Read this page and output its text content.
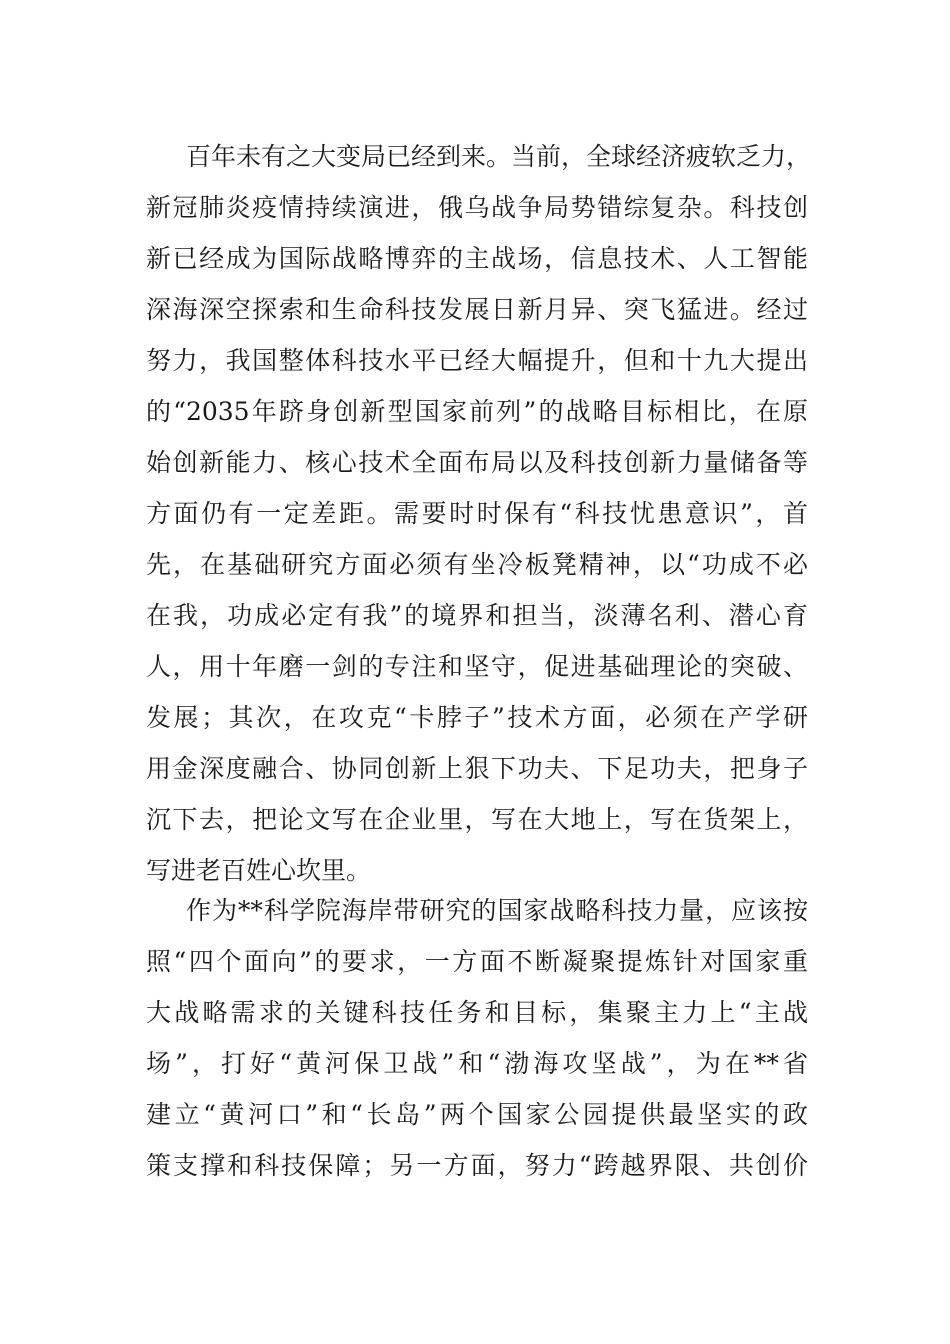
百年未有之大变局已经到来。当前，全球经济疲软乏力，
新冠肺炎疫情持续演进，俄乌战争局势错综复杂。科技创
新已经成为国际战略博弈的主战场，信息技术、人工智能
深海深空探索和生命科技发展日新月异、突飞猛进。经过
努力，我国整体科技水平已经大幅提升，但和十九大提出
的“2035年跻身创新型国家前列”的战略目标相比，在原
始创新能力、核心技术全面布局以及科技创新力量储备等
方面仍有一定差距。需要时时保有“科技忧患意识”，首
先，在基础研究方面必须有坐冷板凳精神，以“功成不必
在我，功成必定有我”的境界和担当，淡薄名利、潜心育
人，用十年磨一剑的专注和坚守，促进基础理论的突破、
发展；其次，在攻克“卡脖子”技术方面，必须在产学研
用金深度融合、协同创新上狠下功夫、下足功夫，把身子
沉下去，把论文写在企业里，写在大地上，写在货架上，
写进老百姓心坎里。
作为**科学院海岸带研究的国家战略科技力量，应该按
照“四个面向”的要求，一方面不断凝聚提炼针对国家重
大战略需求的关键科技任务和目标，集聚主力上“主战
场”，打好“黄河保卫战”和“渤海攻坚战”，为在**省
建立“黄河口”和“长岛”两个国家公园提供最坚实的政
策支撑和科技保障；另一方面，努力“跨越界限、共创价
